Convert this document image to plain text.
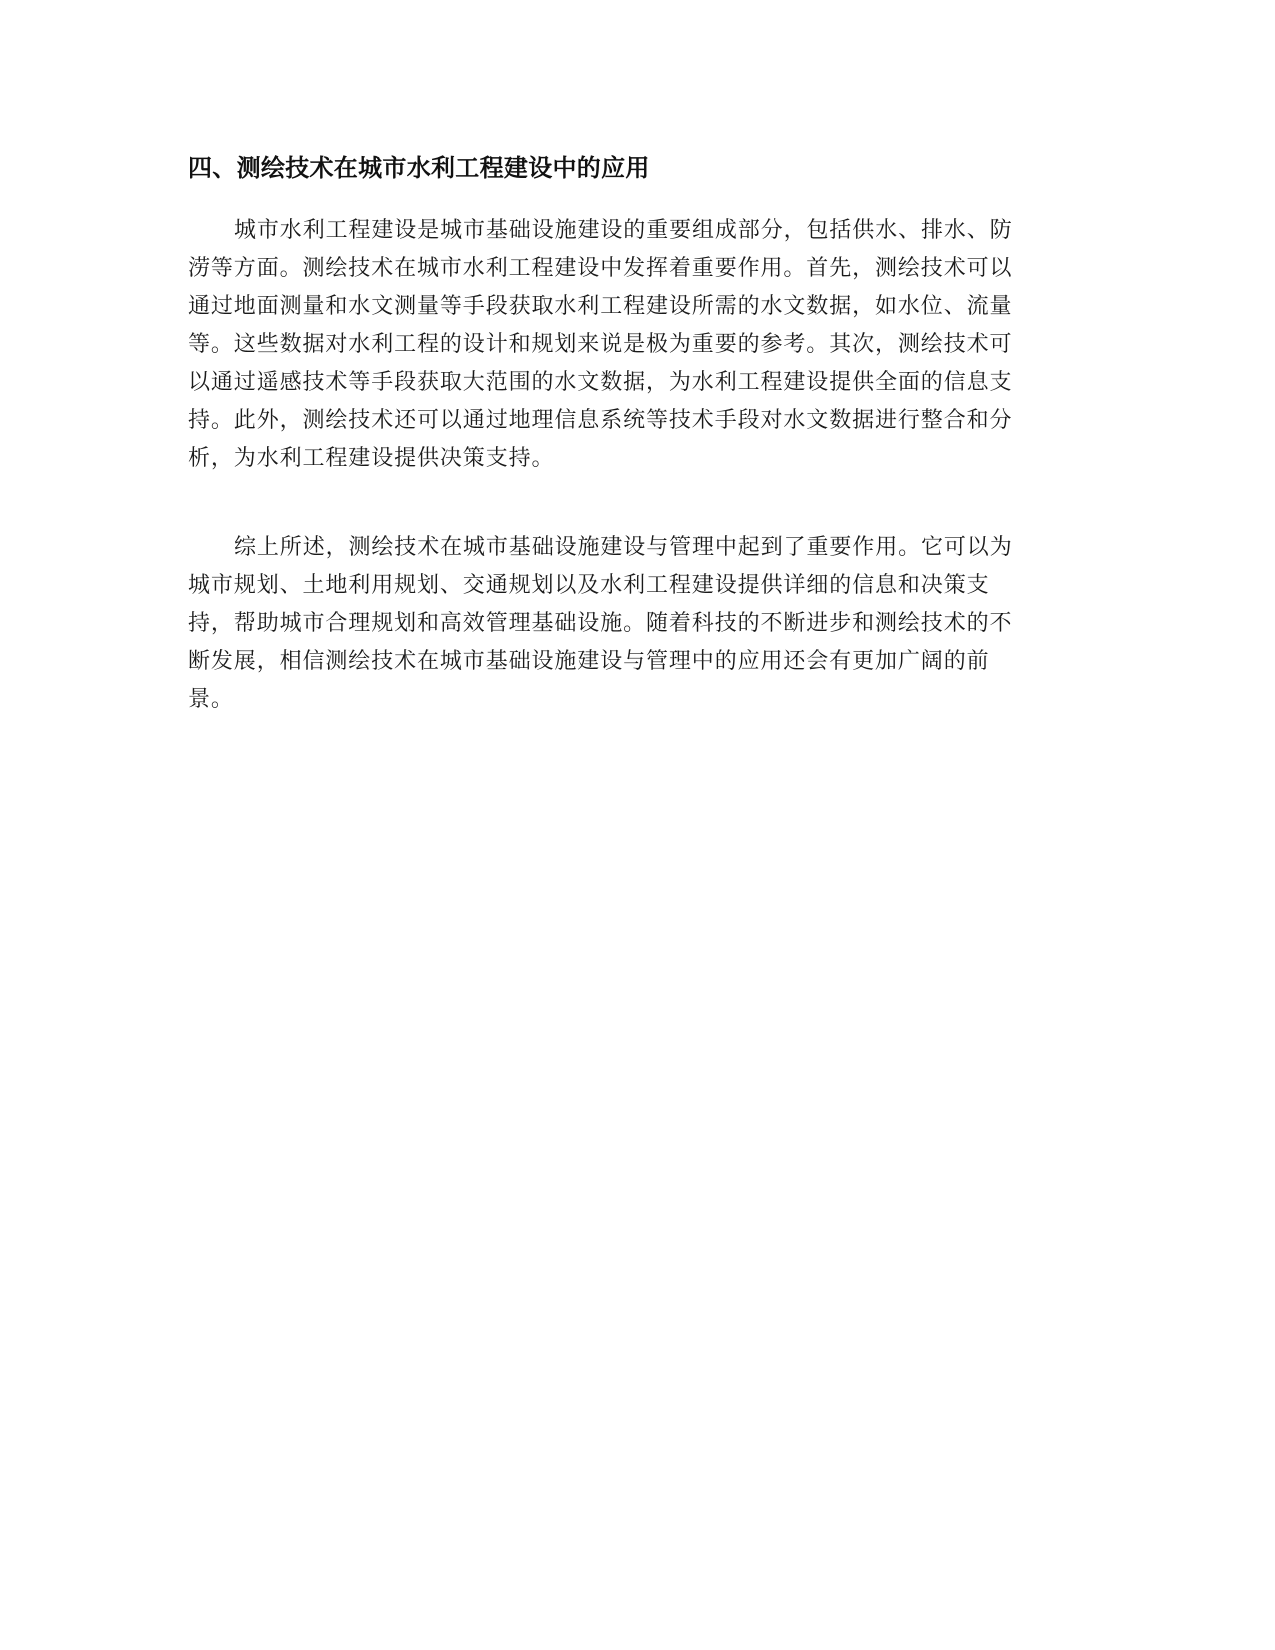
四、测绘技术在城市水利工程建设中的应用

城市水利工程建设是城市基础设施建设的重要组成部分，包括供水、排水、防
涝等方面。测绘技术在城市水利工程建设中发挥着重要作用。首先，测绘技术可以
通过地面测量和水文测量等手段获取水利工程建设所需的水文数据，如水位、流量
等。这些数据对水利工程的设计和规划来说是极为重要的参考。其次，测绘技术可
以通过遥感技术等手段获取大范围的水文数据，为水利工程建设提供全面的信息支
持。此外，测绘技术还可以通过地理信息系统等技术手段对水文数据进行整合和分
析，为水利工程建设提供决策支持。

综上所述，测绘技术在城市基础设施建设与管理中起到了重要作用。它可以为
城市规划、土地利用规划、交通规划以及水利工程建设提供详细的信息和决策支
持，帮助城市合理规划和高效管理基础设施。随着科技的不断进步和测绘技术的不
断发展，相信测绘技术在城市基础设施建设与管理中的应用还会有更加广阔的前
景。
